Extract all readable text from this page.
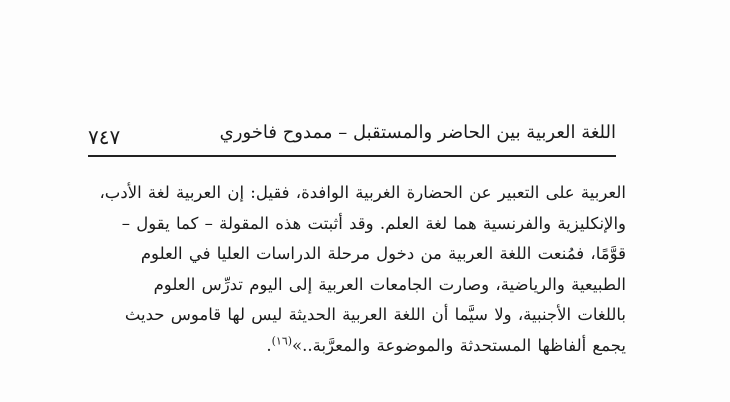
اللغة العربية بين الحاضر والمستقبل – ممدوح فاخوري
٧٤٧
العربية على التعبير عن الحضارة الغربية الوافدة، فقيل: إن العربية لغة الأدب،
والإنكليزية والفرنسية هما لغة العلم. وقد أثبتت هذه المقولة – كما يقول –
قوَّمًا، فمُنعت اللغة العربية من دخول مرحلة الدراسات العليا في العلوم
الطبيعية والرياضية، وصارت الجامعات العربية إلى اليوم تدرِّس العلوم
باللغات الأجنبية، ولا سيَّما أن اللغة العربية الحديثة ليس لها قاموس حديث
يجمع ألفاظها المستحدثة والموضوعة والمعرَّبة..»$^{(١٦)}$.
